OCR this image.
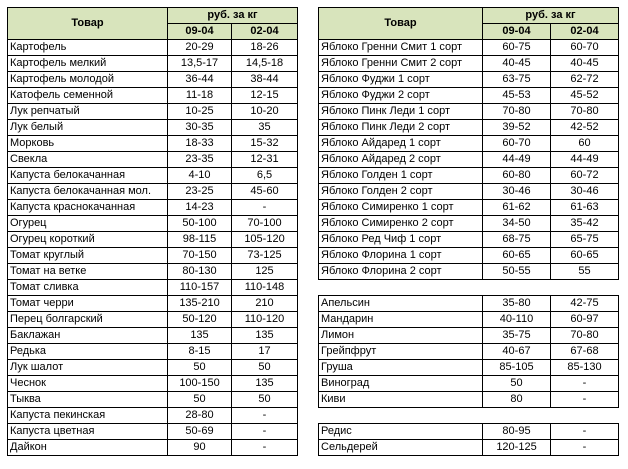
Товар	руб. за кг	
	09-04	02-04
Картофель	20-29	18-26
Картофель мелкий	13,5-17	14,5-18
Картофель молодой	36-44	38-44
Катофель семенной	11-18	12-15
Лук репчатый	10-25	10-20
Лук белый	30-35	35
Морковь	18-33	15-32
Свекла	23-35	12-31
Капуста белокачанная	4-10	6,5
Капуста белокачанная мол.	23-25	45-60
Капуста краснокачанная	14-23	-
Огурец	50-100	70-100
Огурец короткий	98-115	105-120
Томат круглый	70-150	73-125
Томат на ветке	80-130	125
Томат сливка	110-157	110-148
Томат черри	135-210	210
Перец болгарский	50-120	110-120
Баклажан	135	135
Редька	8-15	17
Лук шалот	50	50
Чеснок	100-150	135
Тыква	50	50
Капуста пекинская	28-80	-
Капуста цветная	50-69	-
Дайкон	90	-
Товар	руб. за кг	
	09-04	02-04
Яблоко Гренни Смит 1 сорт	60-75	60-70
Яблоко Гренни Смит 2 сорт	40-45	40-45
Яблоко Фуджи 1 сорт	63-75	62-72
Яблоко Фуджи 2 сорт	45-53	45-52
Яблоко Пинк Леди 1 сорт	70-80	70-80
Яблоко Пинк Леди 2 сорт	39-52	42-52
Яблоко Айдаред 1 сорт	60-70	60
Яблоко Айдаред 2 сорт	44-49	44-49
Яблоко Голден 1 сорт	60-80	60-72
Яблоко Голден 2 сорт	30-46	30-46
Яблоко Симиренко 1 сорт	61-62	61-63
Яблоко Симиренко 2 сорт	34-50	35-42
Яблоко Ред Чиф 1 сорт	68-75	65-75
Яблоко Флорина 1 сорт	60-65	60-65
Яблоко Флорина 2 сорт	50-55	55

Апельсин	35-80	42-75
Мандарин	40-110	60-97
Лимон	35-75	70-80
Грейпфрут	40-67	67-68
Груша	85-105	85-130
Виноград	50	-
Киви	80	-

Редис	80-95	-
Сельдерей	120-125	-
